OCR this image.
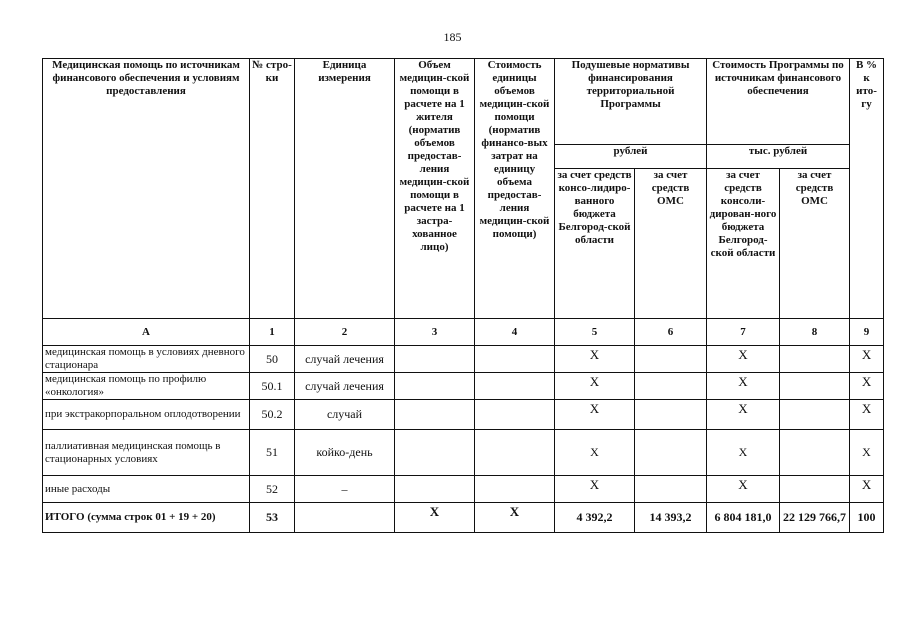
185
Медицинская помощь по источникам финансового обеспечения и условиям предоставления	№ стро-ки	Единица измерения	Объем медицин-ской помощи в расчете на 1 жителя (норматив объемов предостав-ления медицин-ской помощи в расчете на 1 застра-хованное лицо)	Стоимость единицы объемов медицин-ской помощи (норматив финансо-вых затрат на единицу объема предостав-ления медицин-ской помощи)	Подушевые нормативы финансирования территориальной Программы		Стоимость Программы по источникам финансового обеспечения		В % к ито-гу
					рублей		тыс. рублей		
					за счет средств консо-лидиро-ванного бюджета Белгород-ской области	за счет средств ОМС	за счет средств консоли-дирован-ного бюджета Белгород-ской области	за счет средств ОМС	
А	1	2	3	4	5	6	7	8	9
медицинская помощь в условиях дневного стационара	50	случай лечения			Х		Х		Х
медицинская помощь по профилю «онкология»	50.1	случай лечения			Х		Х		Х
при экстракорпоральном оплодотворении	50.2	случай			Х		Х		Х
паллиативная медицинская помощь в стационарных условиях	51	койко-день			Х		Х		Х
иные расходы	52	–			Х		Х		Х
ИТОГО (сумма строк 01 + 19 + 20)	53		Х	Х	4 392,2	14 393,2	6 804 181,0	22 129 766,7	100
